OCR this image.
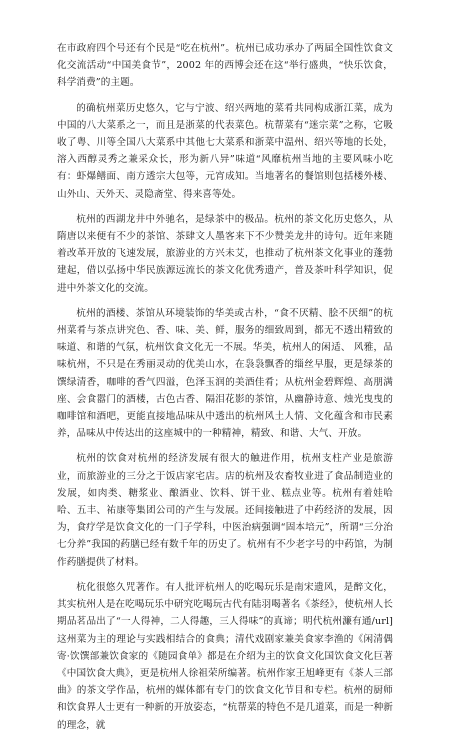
在市政府四个号还有个民是“吃在杭州”。杭州已成功承办了两届全国性饮食文化交流活动“中国美食节”，2002 年的西博会还在这“举行盛典，“快乐饮食，科学消费”的主题。

的确杭州菜历史悠久，它与宁波、绍兴两地的菜肴共同构成浙江菜，成为中国的八大菜系之一，而且是浙菜的代表菜色。杭帮菜有“迷宗菜”之称，它吸收了粤、川等全国八大菜系中其他七大菜系和浙菜中温州、绍兴等地的长处，溶入西醇灵秀之兼采众长，形为新八异”味道“风靡杭州当地的主要风味小吃有：虾爆鳝面、南方透宗大包等，元宵成知。当地著名的餐馆则包括楼外楼、山外山、天外天、灵隐斋堂、得来喜等处。

杭州的西湖龙井中外驰名，是绿茶中的极品。杭州的茶文化历史悠久，从隋唐以来便有不少的茶馆、茶肆文人墨客来下不少赞美龙井的诗句。近年来随着改革开放的飞速发展，旅游业的方兴未艾，也推动了杭州茶文化事业的蓬勃建起，借以弘扬中华民族源远流长的茶文化优秀遗产，普及茶叶科学知识，促进中外茶文化的交流。

杭州的酒楼、茶馆从环境装饰的华美或古朴，“食不厌精、脍不厌细”的杭州菜肴与茶点讲究色、香、味、美、鲜，服务的细致周到，都无不透出精致的味道、和谐的气氛，杭州饮食文化无一不展。华美，杭州人的闲适、 风雅，品味杭州，不只是在秀丽灵动的优美山水，在袅袅飘香的缁丝早服，更是绿茶的馔绿清香，咖啡的香气四溢，色泽玉润的美酒佳肴；从杭州金碧辉煌、高朋满座、会食嚣门的酒楼，古色古香、隔泪花影的茶馆，从幽静诗意、烛光曳曳的咖啡馆和酒吧，更能直接地品味从中透出的杭州风土人情、文化蕴含和市民素养，品味从中传达出的这座城中的一种精神，精致、和谐、大气、开放。

杭州的饮食对杭州的经济发展有很大的触进作用，杭州支柱产业是旅游业，而旅游业的三分之于饭店家宅店。店的杭州及农畜牧业进了食品制造业的发展，如肉类、糖浆业、酿酒业、饮料、饼干业、糕点业等。杭州有着娃哈哈、五丰、祐康等集团公司的产生与发展。还间接触进了中药经济的发展，因为，食疗学是饮食文化的一门子学科，中医治病强调“固本培元”，所谓“三分治七分养”我国的药膳已经有数千年的历史了。杭州有不少老字号的中药馆，为制作药膳提供了材料。

杭化很悠久咒著作。有人批评杭州人的吃喝玩乐是南宋遗风，是醉文化，其实杭州人是在吃喝玩乐中研究吃喝玩古代有陆羽喝著名《茶经》，使杭州人长期品茗品出了“一人得神，二人得趣，三人得味”的真谛；明代杭州濂有通/url]这州菜为主的理论与实践相结合的食典；清代戏剧家兼美食家李渔的《闲清偶寄·饮馔部兼饮食家的《随园食单》都是在介绍为主的饮食文化国饮食文化巨著《中国饮食大典》，更是杭州人徐祖荣所编著。杭州作家王旭峰更有《茶人三部曲》的茶文学作品，杭州的媒体都有专门的饮食文化节目和专栏。杭州的厨师和饮食界人士更有一种新的开放姿态，“杭帮菜的特色不是几道菜，而是一种新的理念，就
